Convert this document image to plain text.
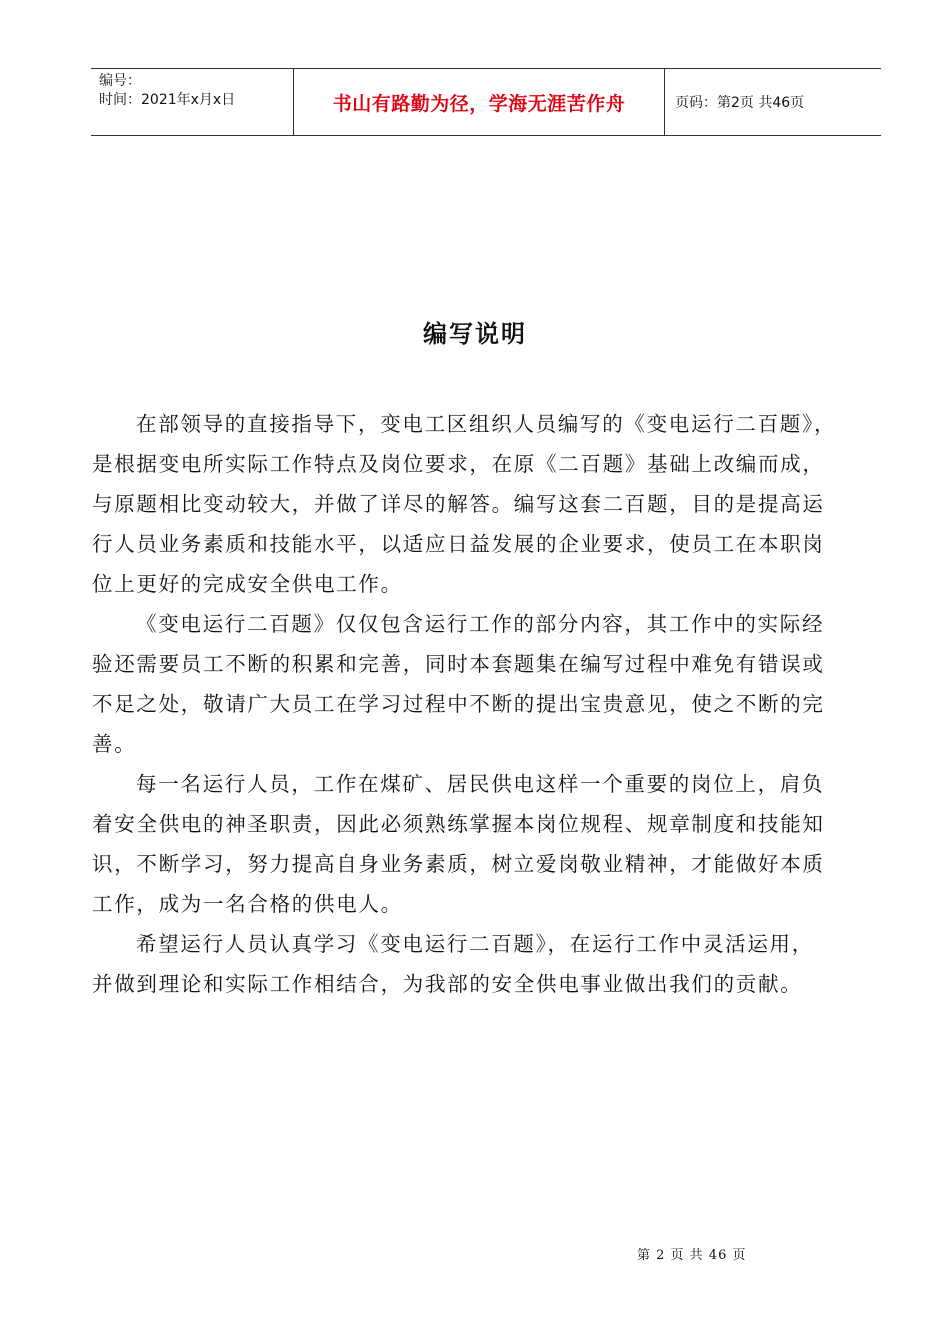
编号：
时间：2021年x月x日	书山有路勤为径，学海无涯苦作舟	页码：第2页 共46页
编写说明

在部领导的直接指导下，变电工区组织人员编写的《变电运行二百题》，
是根据变电所实际工作特点及岗位要求，在原《二百题》基础上改编而成，
与原题相比变动较大，并做了详尽的解答。编写这套二百题，目的是提高运
行人员业务素质和技能水平，以适应日益发展的企业要求，使员工在本职岗
位上更好的完成安全供电工作。

《变电运行二百题》仅仅包含运行工作的部分内容，其工作中的实际经
验还需要员工不断的积累和完善，同时本套题集在编写过程中难免有错误或
不足之处，敬请广大员工在学习过程中不断的提出宝贵意见，使之不断的完
善。

每一名运行人员，工作在煤矿、居民供电这样一个重要的岗位上，肩负
着安全供电的神圣职责，因此必须熟练掌握本岗位规程、规章制度和技能知
识，不断学习，努力提高自身业务素质，树立爱岗敬业精神，才能做好本质
工作，成为一名合格的供电人。

希望运行人员认真学习《变电运行二百题》，在运行工作中灵活运用，
并做到理论和实际工作相结合，为我部的安全供电事业做出我们的贡献。

第 2 页 共 46 页
